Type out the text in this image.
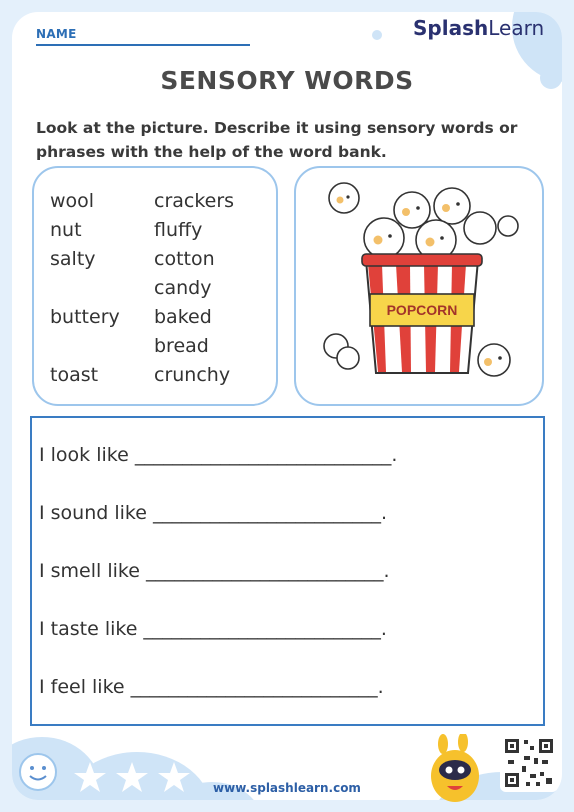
NAME	SplashLearn
SENSORY WORDS
Look at the picture. Describe it using sensory words or phrases with the help of the word bank.
wool
nut
salty
buttery
toast
crackers
fluffy
cotton
candy
baked
bread
crunchy
POPCORN
I look like ___________________________.
I sound like ________________________.
I smell like _________________________.
I taste like _________________________.
I feel like __________________________.
www.splashlearn.com
